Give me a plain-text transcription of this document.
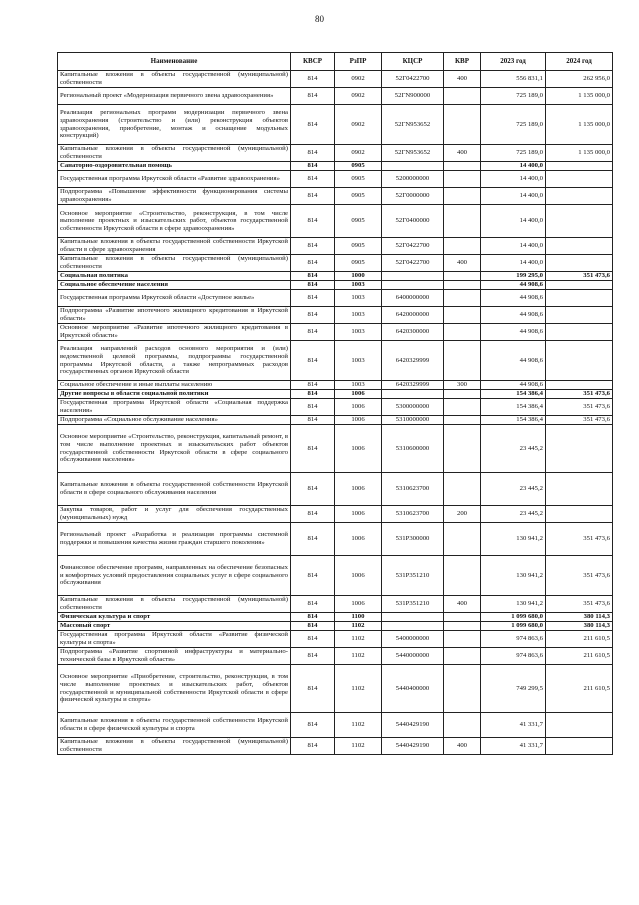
80
Наименование	КВСР	РзПР	КЦСР	КВР	2023 год	2024 год
Капитальные вложения в объекты государственной (муниципальной) собственности	814	0902	52Г0422700	400	556 831,1	262 956,0
Региональный проект «Модернизация первичного звена здравоохранения»	814	0902	52ГN900000		725 189,0	1 135 000,0
Реализация региональных программ модернизации первичного звена здравоохранения (строительство и (или) реконструкция объектов здравоохранения, приобретение, монтаж и оснащение модульных конструкций)	814	0902	52ГN953652		725 189,0	1 135 000,0
Капитальные вложения в объекты государственной (муниципальной) собственности	814	0902	52ГN953652	400	725 189,0	1 135 000,0
Санаторно-оздоровительная помощь	814	0905			14 400,0	
Государственная программа Иркутской области «Развитие здравоохранения»	814	0905	5200000000		14 400,0	
Подпрограмма «Повышение эффективности функционирования системы здравоохранения»	814	0905	52Г0000000		14 400,0	
Основное мероприятие «Строительство, реконструкция, в том числе выполнение проектных и изыскательских работ, объектов государственной собственности Иркутской области в сфере здравоохранения»	814	0905	52Г0400000		14 400,0	
Капитальные вложения в объекты государственной собственности Иркутской области в сфере здравоохранения	814	0905	52Г0422700		14 400,0	
Капитальные вложения в объекты государственной (муниципальной) собственности	814	0905	52Г0422700	400	14 400,0	
Социальная политика	814	1000			199 295,0	351 473,6
Социальное обеспечение населения	814	1003			44 908,6	
Государственная программа Иркутской области «Доступное жилье»	814	1003	6400000000		44 908,6	
Подпрограмма «Развитие ипотечного жилищного кредитования в Иркутской области»	814	1003	6420000000		44 908,6	
Основное мероприятие «Развитие ипотечного жилищного кредитования в Иркутской области»	814	1003	6420300000		44 908,6	
Реализация направлений расходов основного мероприятия и (или) ведомственной целевой программы, подпрограммы государственной программы Иркутской области, а также непрограммных расходов государственных органов Иркутской области	814	1003	6420329999		44 908,6	
Социальное обеспечение и иные выплаты населению	814	1003	6420329999	300	44 908,6	
Другие вопросы в области социальной политики	814	1006			154 386,4	351 473,6
Государственная программа Иркутской области «Социальная поддержка населения»	814	1006	5300000000		154 386,4	351 473,6
Подпрограмма «Социальное обслуживание населения»	814	1006	5310000000		154 386,4	351 473,6
Основное мероприятие «Строительство, реконструкция, капитальный ремонт, в том числе выполнение проектных и изыскательских работ объектов государственной собственности Иркутской области в сфере социального обслуживания населения»	814	1006	5310600000		23 445,2	
Капитальные вложения в объекты государственной собственности Иркутской области в сфере социального обслуживания населения	814	1006	5310623700		23 445,2	
Закупка товаров, работ и услуг для обеспечения государственных (муниципальных) нужд	814	1006	5310623700	200	23 445,2	
Региональный проект «Разработка и реализация программы системной поддержки и повышения качества жизни граждан старшего поколения»	814	1006	531P300000		130 941,2	351 473,6
Финансовое обеспечение программ, направленных на обеспечение безопасных и комфортных условий предоставления социальных услуг в сфере социального обслуживания	814	1006	531P351210		130 941,2	351 473,6
Капитальные вложения в объекты государственной (муниципальной) собственности	814	1006	531P351210	400	130 941,2	351 473,6
Физическая культура и спорт	814	1100			1 099 680,0	380 114,3
Массовый спорт	814	1102			1 099 680,0	380 114,3
Государственная программа Иркутской области «Развитие физической культуры и спорта»	814	1102	5400000000		974 863,6	211 610,5
Подпрограмма «Развитие спортивной инфраструктуры и материально- технической базы в Иркутской области»	814	1102	5440000000		974 863,6	211 610,5
Основное мероприятие «Приобретение, строительство, реконструкция, в том числе выполнение проектных и изыскательских работ, объектов государственной и муниципальной собственности Иркутской области в сфере физической культуры и спорта»	814	1102	5440400000		749 299,5	211 610,5
Капитальные вложения в объекты государственной собственности Иркутской области в сфере физической культуры и спорта	814	1102	5440429190		41 331,7	
Капитальные вложения в объекты государственной (муниципальной) собственности	814	1102	5440429190	400	41 331,7	
